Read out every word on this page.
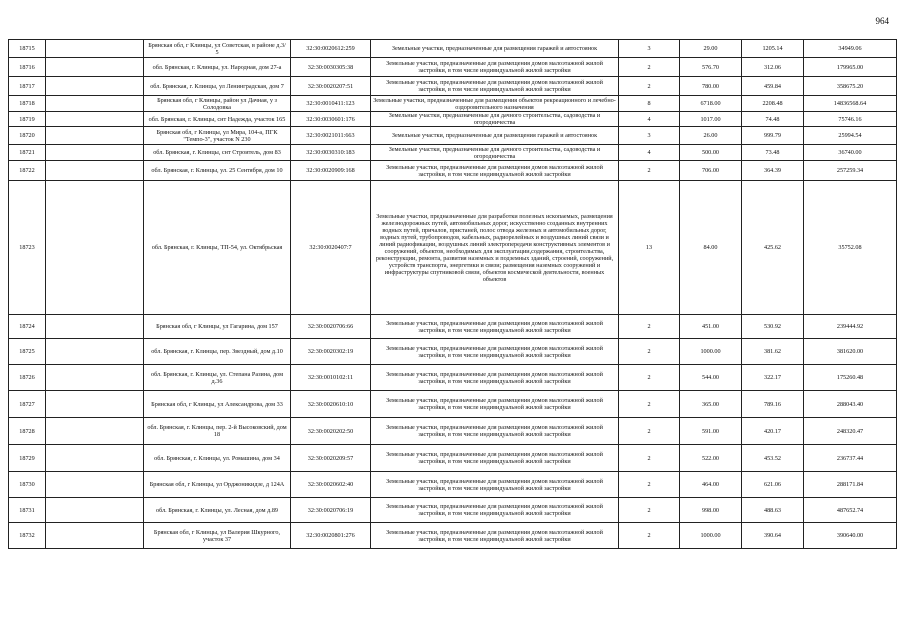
964
18715		Брянская обл, г Клинцы, ул Советская, в районе д.3/ 5	32:30:0020612:259	Земельные участки, предназначенные для размещения гаражей и автостоянок	3	29.00	1205.14	34949.06
18716		обл. Брянская, г. Клинцы, ул. Народная, дом 27-а	32:30:0030305:38	Земельные участки, предназначенные для размещения домов малоэтажной жилой застройки, в том числе индивидуальной жилой застройки	2	576.70	312.06	179965.00
18717		обл. Брянская, г. Клинцы, ул Ленинградская, дом 7	32:30:0020207:51	Земельные участки, предназначенные для размещения домов малоэтажной жилой застройки, в том числе индивидуальной жилой застройки	2	780.00	459.84	358675.20
18718		Брянская обл, г Клинцы, район ул Дачная, у з Солодовка	32:30:0010411:123	Земельные участки, предназначенные для размещения объектов рекреационного и лечебно-оздоровительного назначения	8	6718.00	2208.48	14836568.64
18719		обл. Брянская, г. Клинцы, снт Надежда, участок 165	32:30:0030601:176	Земельные участки, предназначенные для дачного строительства, садоводства и огородничества	4	1017.00	74.48	75746.16
18720		Брянская обл, г Клинцы, ул Мира, 104-а, ПГК "Темпо-3", участок N 230	32:30:0021011:663	Земельные участки, предназначенные для размещения гаражей и автостоянок	3	26.00	999.79	25994.54
18721		обл. Брянская, г. Клинцы, снт Строитель, дом 83	32:30:0030310:183	Земельные участки, предназначенные для дачного строительства, садоводства и огородничества	4	500.00	73.48	36740.00
18722		обл. Брянская, г. Клинцы, ул. 25 Сентября, дом 10	32:30:0020909:168	Земельные участки, предназначенные для размещения домов малоэтажной жилой застройки, в том числе индивидуальной жилой застройки	2	706.00	364.39	257259.34
18723		обл. Брянская, г. Клинцы, ТП-54, ул. Октябрьская	32:30:0020407:7	Земельные участки, предназначенные для разработки полезных ископаемых, размещения железнодорожных путей, автомобильных дорог, искусственно созданных внутренних водных путей, причалов, пристаней, полос отвода железных и автомобильных дорог, водных путей, трубопроводов, кабельных, радиорелейных и воздушных линий связи и линий радиофикации, воздушных линий электропередачи конструктивных элементов и сооружений, объектов, необходимых для эксплуатации,содержания, строительства, реконструкции, ремонта, развития наземных и подземных зданий, строений, сооружений, устройств транспорта, энергетики и связи; размещения наземных сооружений и инфраструктуры спутниковой связи, объектов космической деятельности, военных объектов	13	84.00	425.62	35752.08
18724		Брянская обл, г Клинцы, ул Гагарина, дом 157	32:30:0020706:66	Земельные участки, предназначенные для размещения домов малоэтажной жилой застройки, в том числе индивидуальной жилой застройки	2	451.00	530.92	239444.92
18725		обл. Брянская, г. Клинцы, пер. Звездный, дом д.10	32:30:0020302:19	Земельные участки, предназначенные для размещения домов малоэтажной жилой застройки, в том числе индивидуальной жилой застройки	2	1000.00	381.62	381620.00
18726		обл. Брянская, г. Клинцы, ул. Степана Разина, дом д.36	32:30:0010102:11	Земельные участки, предназначенные для размещения домов малоэтажной жилой застройки, в том числе индивидуальной жилой застройки	2	544.00	322.17	175260.48
18727		Брянская обл, г Клинцы, ул Александрова, дом 33	32:30:0020610:10	Земельные участки, предназначенные для размещения домов малоэтажной жилой застройки, в том числе индивидуальной жилой застройки	2	365.00	789.16	288043.40
18728		обл. Брянская, г. Клинцы, пер. 2-й Высоковский, дом 18	32:30:0020202:50	Земельные участки, предназначенные для размещения домов малоэтажной жилой застройки, в том числе индивидуальной жилой застройки	2	591.00	420.17	248320.47
18729		обл. Брянская, г. Клинцы, ул. Ромашина, дом 34	32:30:0020209:57	Земельные участки, предназначенные для размещения домов малоэтажной жилой застройки, в том числе индивидуальной жилой застройки	2	522.00	453.52	236737.44
18730		Брянская обл, г Клинцы, ул Орджоникидзе, д 124А	32:30:0020602:40	Земельные участки, предназначенные для размещения домов малоэтажной жилой застройки, в том числе индивидуальной жилой застройки	2	464.00	621.06	288171.84
18731		обл. Брянская, г. Клинцы, ул. Лесная, дом д.89	32:30:0020706:19	Земельные участки, предназначенные для размещения домов малоэтажной жилой застройки, в том числе индивидуальной жилой застройки	2	998.00	488.63	487652.74
18732		Брянская обл, г Клинцы, ул Валерия Шкурного, участок 37	32:30:0020801:276	Земельные участки, предназначенные для размещения домов малоэтажной жилой застройки, в том числе индивидуальной жилой застройки	2	1000.00	390.64	390640.00
